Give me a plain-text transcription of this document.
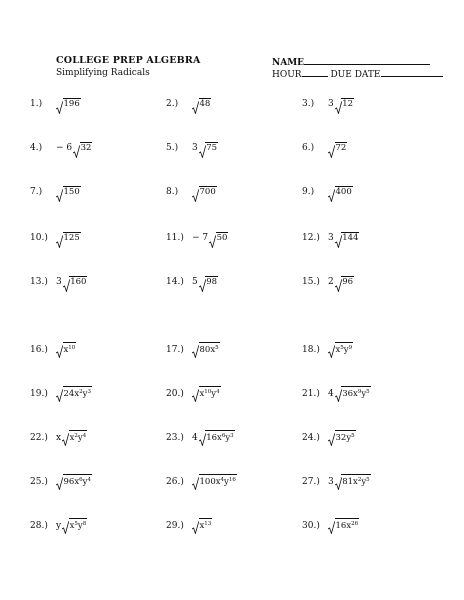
COLLEGE PREP ALGEBRA
Simplifying Radicals
NAME
HOUR	DUE DATE
1.)	196	2.)	48	3.)	3 12
4.)	− 6 32	5.)	3 75	6.)	72
7.)	150	8.)	700	9.)	400
10.)	125	11.) − 7 50	12.) 3 144
13.) 3 160	14.) 5 98	15.) 2 96
16.)	$x^{10}$	17.)	$80x^5$	18.)	$x^5y^9$
19.)	$24x^2y^3$	20.)	$x^{10}y^4$	21.) 4 $36x^9y^5$
22.) x $x^2y^4$	23.) 4 $16x^6y^3$	24.)	$32y^5$
25.)	$96x^6y^4$	26.)	$100x^4y^{16}$	27.) 3 $81x^2y^5$
28.) y $x^5y^8$	29.)	$x^{13}$	30.)	$16x^{26}$
